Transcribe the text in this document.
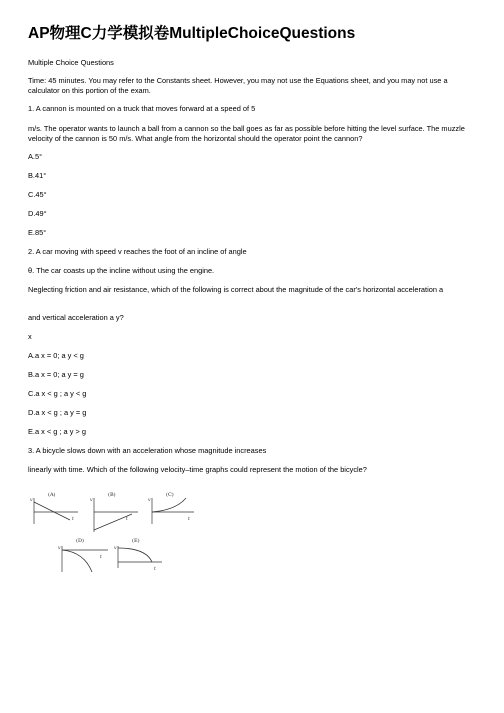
AP物理C力学模拟卷MultipleChoiceQuestions

Multiple Choice Questions

Time: 45 minutes. You may refer to the Constants sheet. However, you may not use the Equations sheet, and you may not use a calculator on this portion of the exam.

1. A cannon is mounted on a truck that moves forward at a speed of 5

m/s. The operator wants to launch a ball from a cannon so the ball goes as far as possible before hitting the level surface. The muzzle velocity of the cannon is 50 m/s. What angle from the horizontal should the operator point the cannon?

A.5°

B.41°

C.45°

D.49°

E.85°

2. A car moving with speed v reaches the foot of an incline of angle

θ. The car coasts up the incline without using the engine.

Neglecting friction and air resistance, which of the following is correct about the magnitude of the car's horizontal acceleration a

and vertical acceleration a y?

x

A.a x = 0; a y < g

B.a x = 0; a y = g

C.a x < g ; a y < g

D.a x < g ; a y = g

E.a x < g ; a y > g

3. A bicycle slows down with an acceleration whose magnitude increases

linearly with time. Which of the following velocity–time graphs could represent the motion of the bicycle?

(A)
v
t
(B)
v
t
(C)
v
t
(D)
v
t
(E)
v
t
